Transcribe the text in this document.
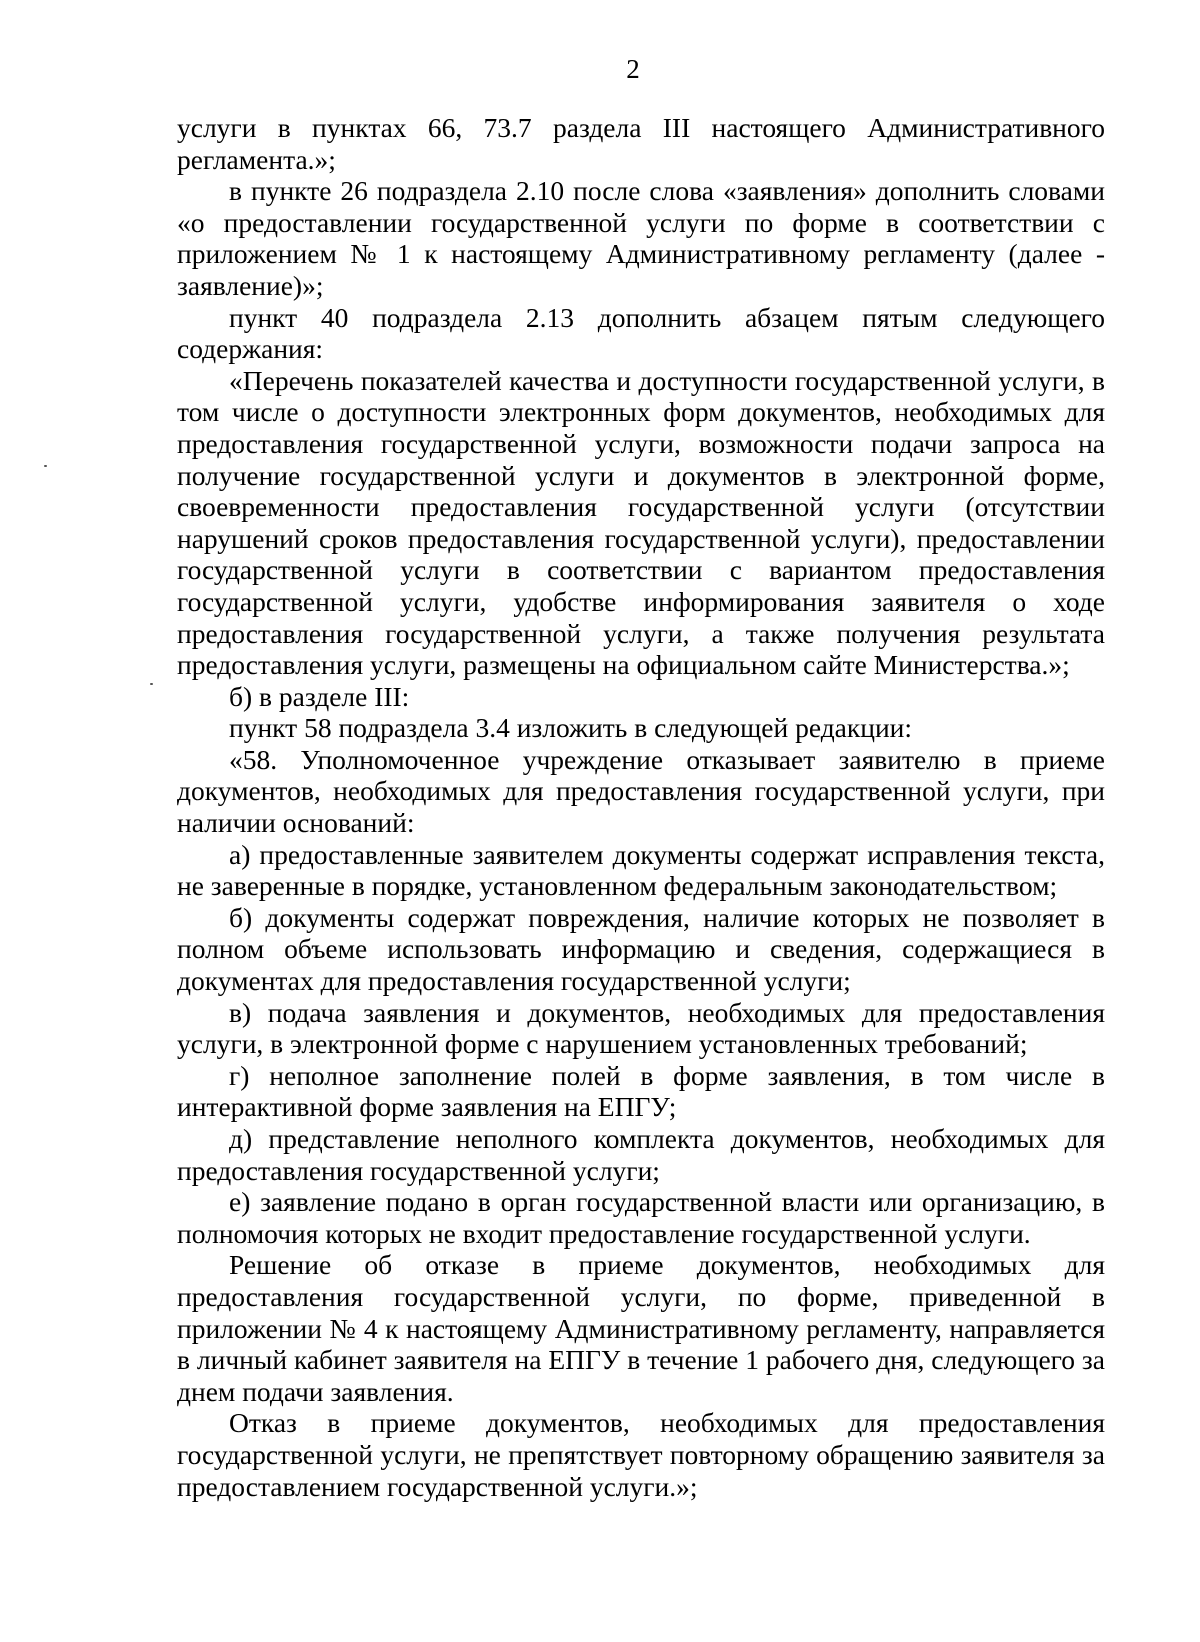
2

услуги в пунктах 66, 73.7 раздела III настоящего Административного регламента.»;

в пункте 26 подраздела 2.10 после слова «заявления» дополнить словами «о предоставлении государственной услуги по форме в соответствии с приложением № 1 к настоящему Административному регламенту (далее - заявление)»;

пункт 40 подраздела 2.13 дополнить абзацем пятым следующего содержания:

«Перечень показателей качества и доступности государственной услуги, в том числе о доступности электронных форм документов, необходимых для предоставления государственной услуги, возможности подачи запроса на получение государственной услуги и документов в электронной форме, своевременности предоставления государственной услуги (отсутствии нарушений сроков предоставления государственной услуги), предоставлении государственной услуги в соответствии с вариантом предоставления государственной услуги, удобстве информирования заявителя о ходе предоставления государственной услуги, а также получения результата предоставления услуги, размещены на официальном сайте Министерства.»;

б) в разделе III:

пункт 58 подраздела 3.4 изложить в следующей редакции:

«58. Уполномоченное учреждение отказывает заявителю в приеме документов, необходимых для предоставления государственной услуги, при наличии оснований:

а) предоставленные заявителем документы содержат исправления текста, не заверенные в порядке, установленном федеральным законодательством;

б) документы содержат повреждения, наличие которых не позволяет в полном объеме использовать информацию и сведения, содержащиеся в документах для предоставления государственной услуги;

в) подача заявления и документов, необходимых для предоставления услуги, в электронной форме с нарушением установленных требований;

г) неполное заполнение полей в форме заявления, в том числе в интерактивной форме заявления на ЕПГУ;

д) представление неполного комплекта документов, необходимых для предоставления государственной услуги;

е) заявление подано в орган государственной власти или организацию, в полномочия которых не входит предоставление государственной услуги.

Решение об отказе в приеме документов, необходимых для предоставления государственной услуги, по форме, приведенной в приложении № 4 к настоящему Административному регламенту, направляется в личный кабинет заявителя на ЕПГУ в течение 1 рабочего дня, следующего за днем подачи заявления.

Отказ в приеме документов, необходимых для предоставления государственной услуги, не препятствует повторному обращению заявителя за предоставлением государственной услуги.»;
